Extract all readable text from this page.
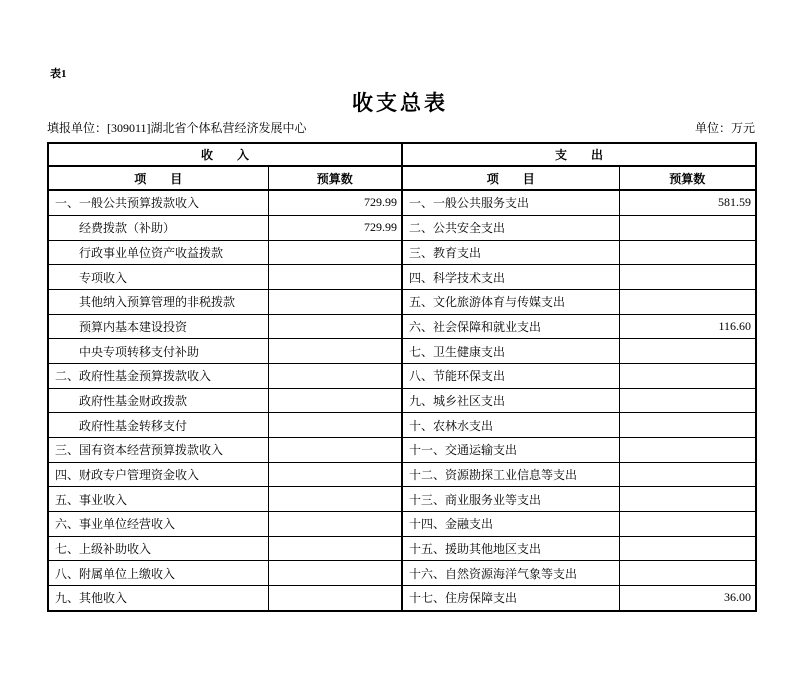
表1
收支总表
填报单位：[309011]湖北省个体私营经济发展中心	单位：万元
收　　入		支　　出	
项　　目	预算数	项　　目	预算数
一、一般公共预算拨款收入	729.99	一、一般公共服务支出	581.59
经费拨款（补助）	729.99	二、公共安全支出	
行政事业单位资产收益拨款		三、教育支出	
专项收入		四、科学技术支出	
其他纳入预算管理的非税拨款		五、文化旅游体育与传媒支出	
预算内基本建设投资		六、社会保障和就业支出	116.60
中央专项转移支付补助		七、卫生健康支出	
二、政府性基金预算拨款收入		八、节能环保支出	
政府性基金财政拨款		九、城乡社区支出	
政府性基金转移支付		十、农林水支出	
三、国有资本经营预算拨款收入		十一、交通运输支出	
四、财政专户管理资金收入		十二、资源勘探工业信息等支出	
五、事业收入		十三、商业服务业等支出	
六、事业单位经营收入		十四、金融支出	
七、上级补助收入		十五、援助其他地区支出	
八、附属单位上缴收入		十六、自然资源海洋气象等支出	
九、其他收入		十七、住房保障支出	36.00
